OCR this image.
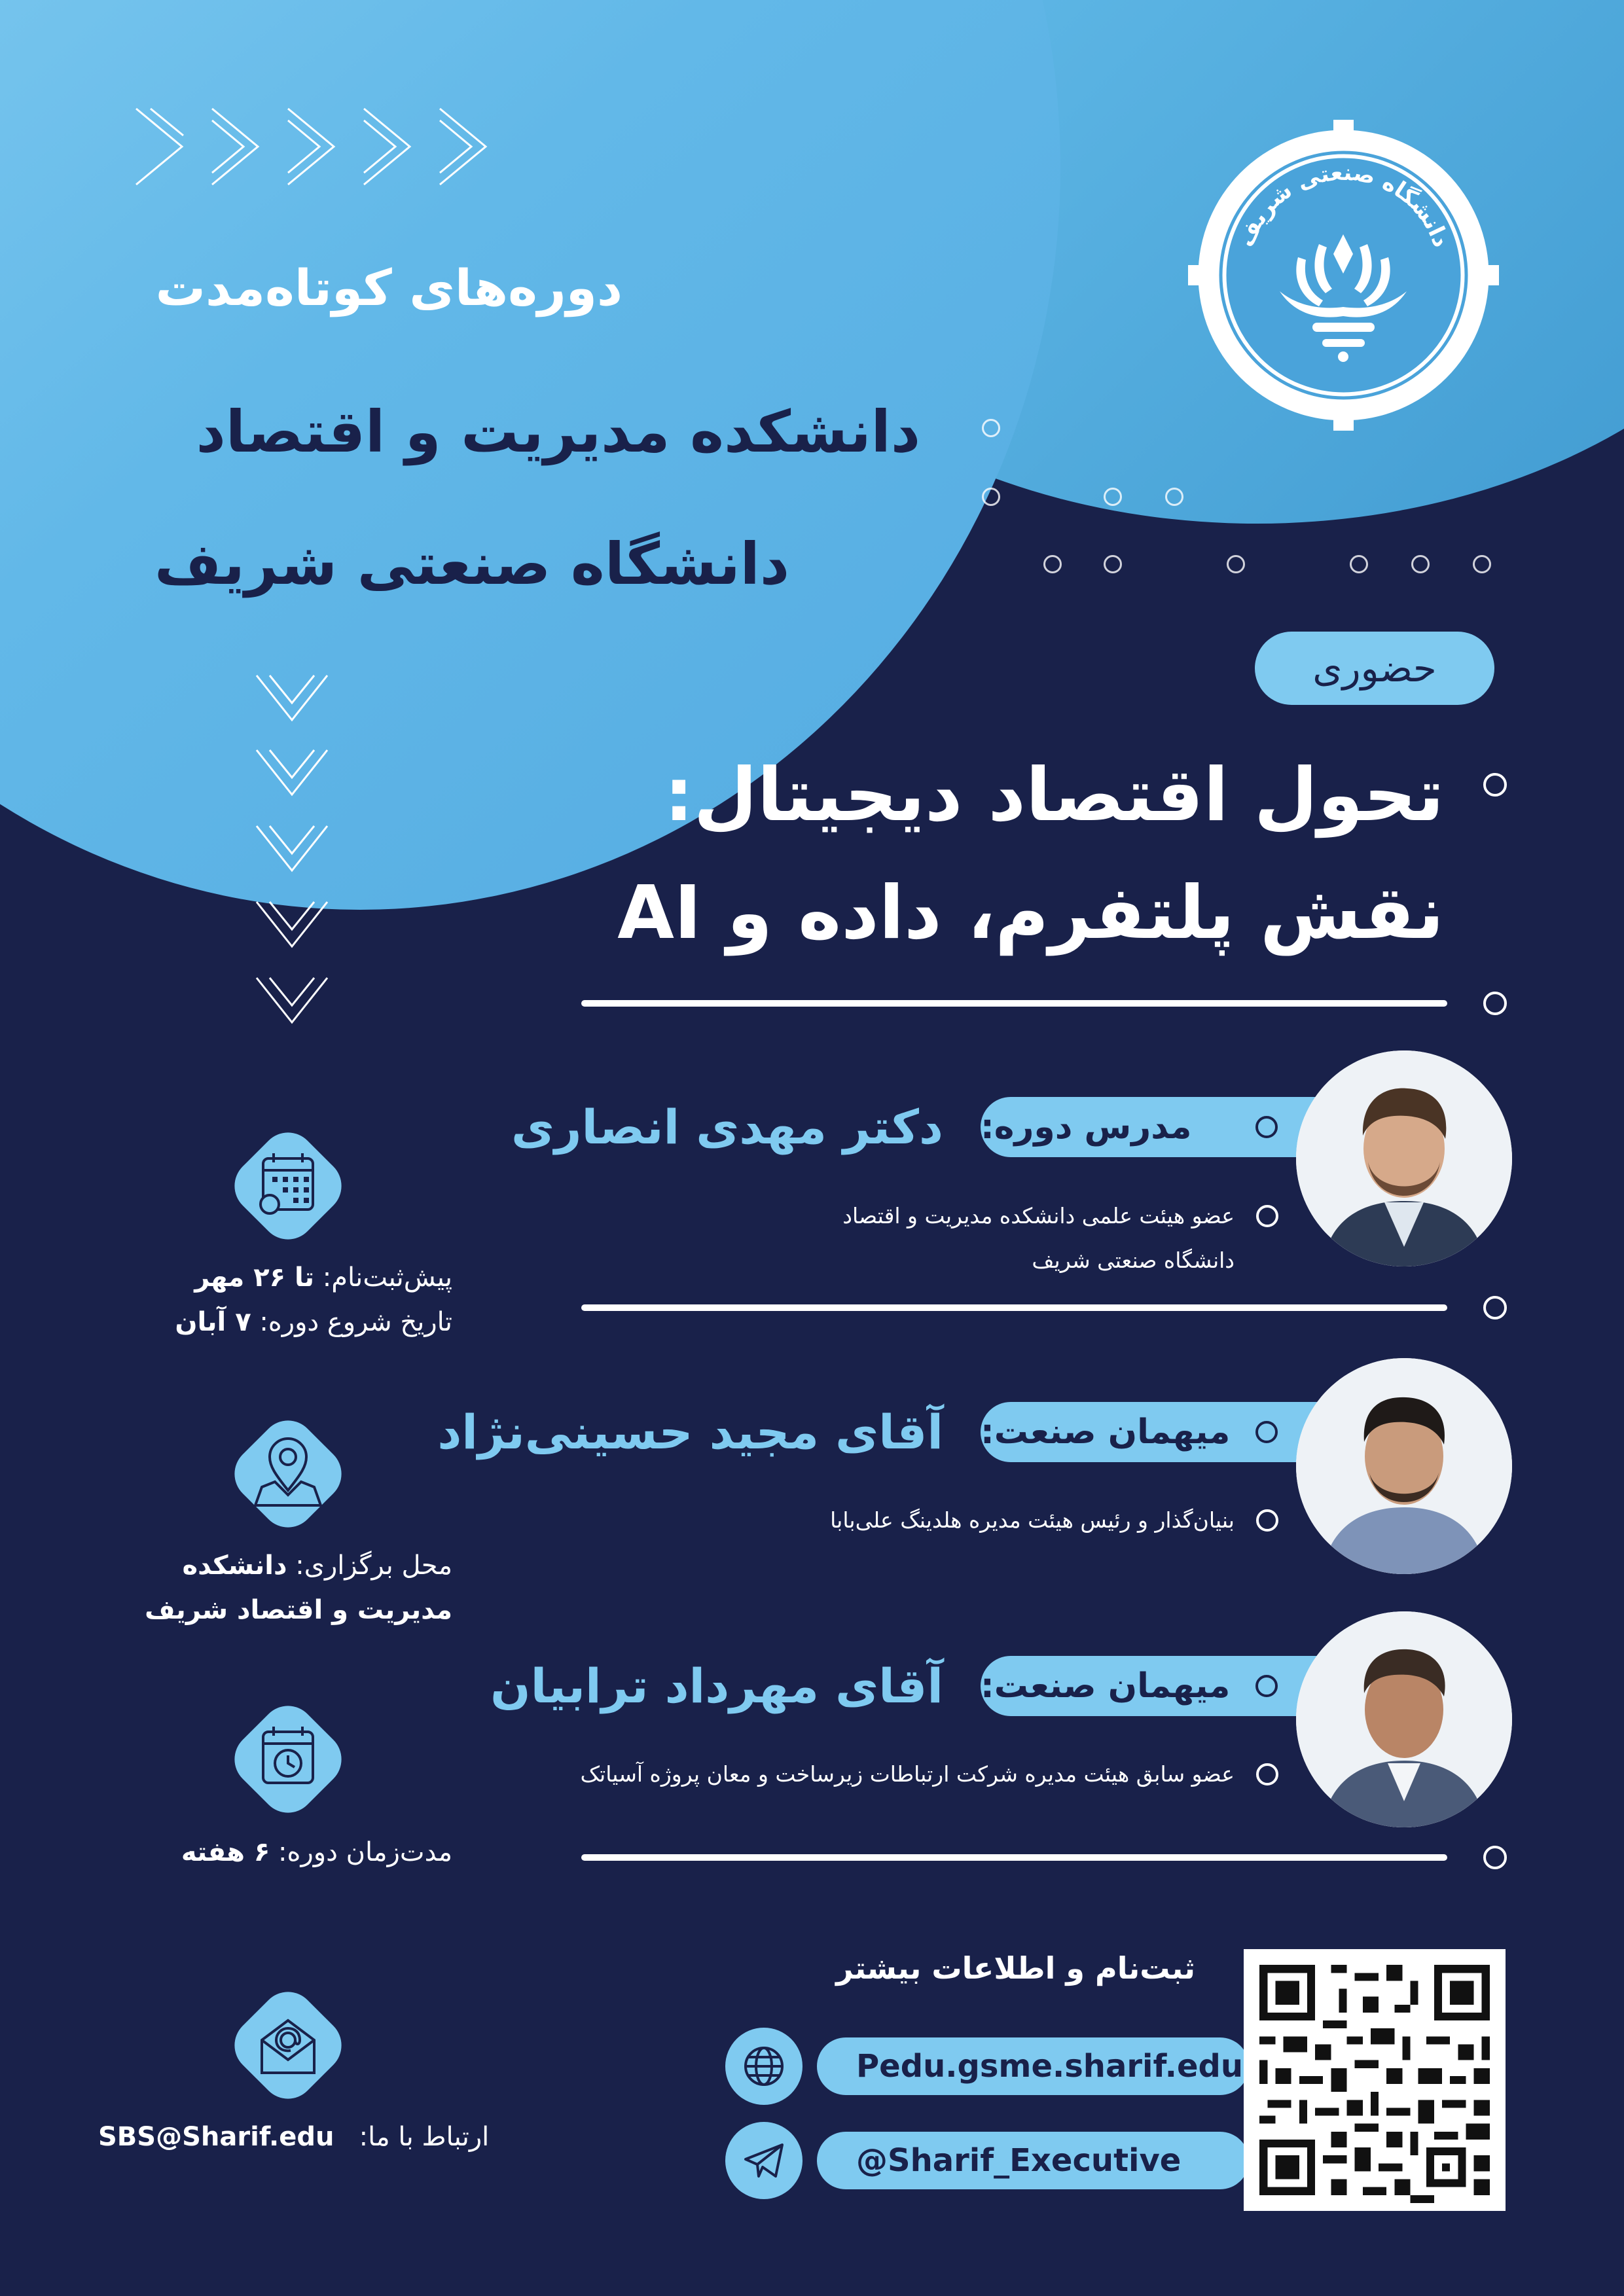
دانشگاه صنعتی شریف
دوره‌های کوتاه‌مدت
دانشکده مدیریت و اقتصاد
دانشگاه صنعتی شریف
حضوری
تحول اقتصاد دیجیتال:
نقش پلتفرم، داده و AI
مدرس دوره:
دکتر مهدی انصاری
عضو هیئت علمی دانشکده مدیریت و اقتصاد
دانشگاه صنعتی شریف
میهمان صنعت:
آقای مجید حسینی‌نژاد
بنیان‌گذار و رئیس هیئت مدیره هلدینگ علی‌بابا
میهمان صنعت:
آقای مهرداد ترابیان
عضو سابق هیئت مدیره شرکت ارتباطات زیرساخت و معان پروژه آسیاتک
پیش‌ثبت‌نام: تا ۲۶ مهر
تاریخ شروع دوره: ۷ آبان
محل برگزاری: دانشکده
مدیریت و اقتصاد شریف
مدت‌زمان دوره: ۶ هفته
SBS@Sharif.edu ارتباط با ما:
ثبت‌نام و اطلاعات بیشتر
Pedu.gsme.sharif.edu
@Sharif_Executive
